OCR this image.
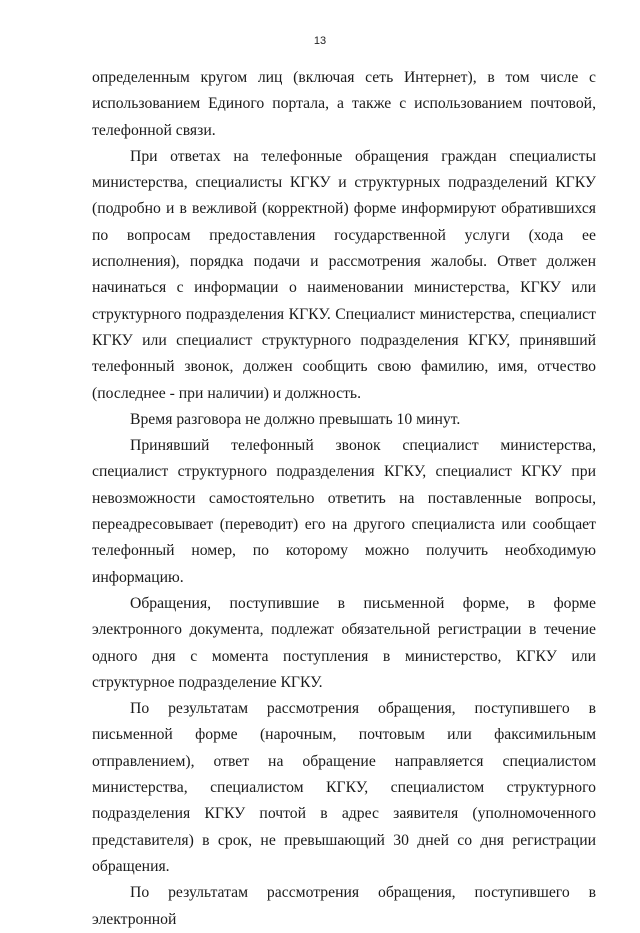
13

определенным кругом лиц (включая сеть Интернет), в том числе с использованием Единого портала, а также с использованием почтовой, телефонной связи.

При ответах на телефонные обращения граждан специалисты министерства, специалисты КГКУ и структурных подразделений КГКУ (подробно и в вежливой (корректной) форме информируют обратившихся по вопросам предоставления государственной услуги (хода ее исполнения), порядка подачи и рассмотрения жалобы. Ответ должен начинаться с информации о наименовании министерства, КГКУ или структурного подразделения КГКУ. Специалист министерства, специалист КГКУ или специалист структурного подразделения КГКУ, принявший телефонный звонок, должен сообщить свою фамилию, имя, отчество (последнее - при наличии) и должность.

Время разговора не должно превышать 10 минут.

Принявший телефонный звонок специалист министерства, специалист структурного подразделения КГКУ, специалист КГКУ при невозможности самостоятельно ответить на поставленные вопросы, переадресовывает (переводит) его на другого специалиста или сообщает телефонный номер, по которому можно получить необходимую информацию.

Обращения, поступившие в письменной форме, в форме электронного документа, подлежат обязательной регистрации в течение одного дня с момента поступления в министерство, КГКУ или структурное подразделение КГКУ.

По результатам рассмотрения обращения, поступившего в письменной форме (нарочным, почтовым или факсимильным отправлением), ответ на обращение направляется специалистом министерства, специалистом КГКУ, специалистом структурного подразделения КГКУ почтой в адрес заявителя (уполномоченного представителя) в срок, не превышающий 30 дней со дня регистрации обращения.

По результатам рассмотрения обращения, поступившего в электронной
